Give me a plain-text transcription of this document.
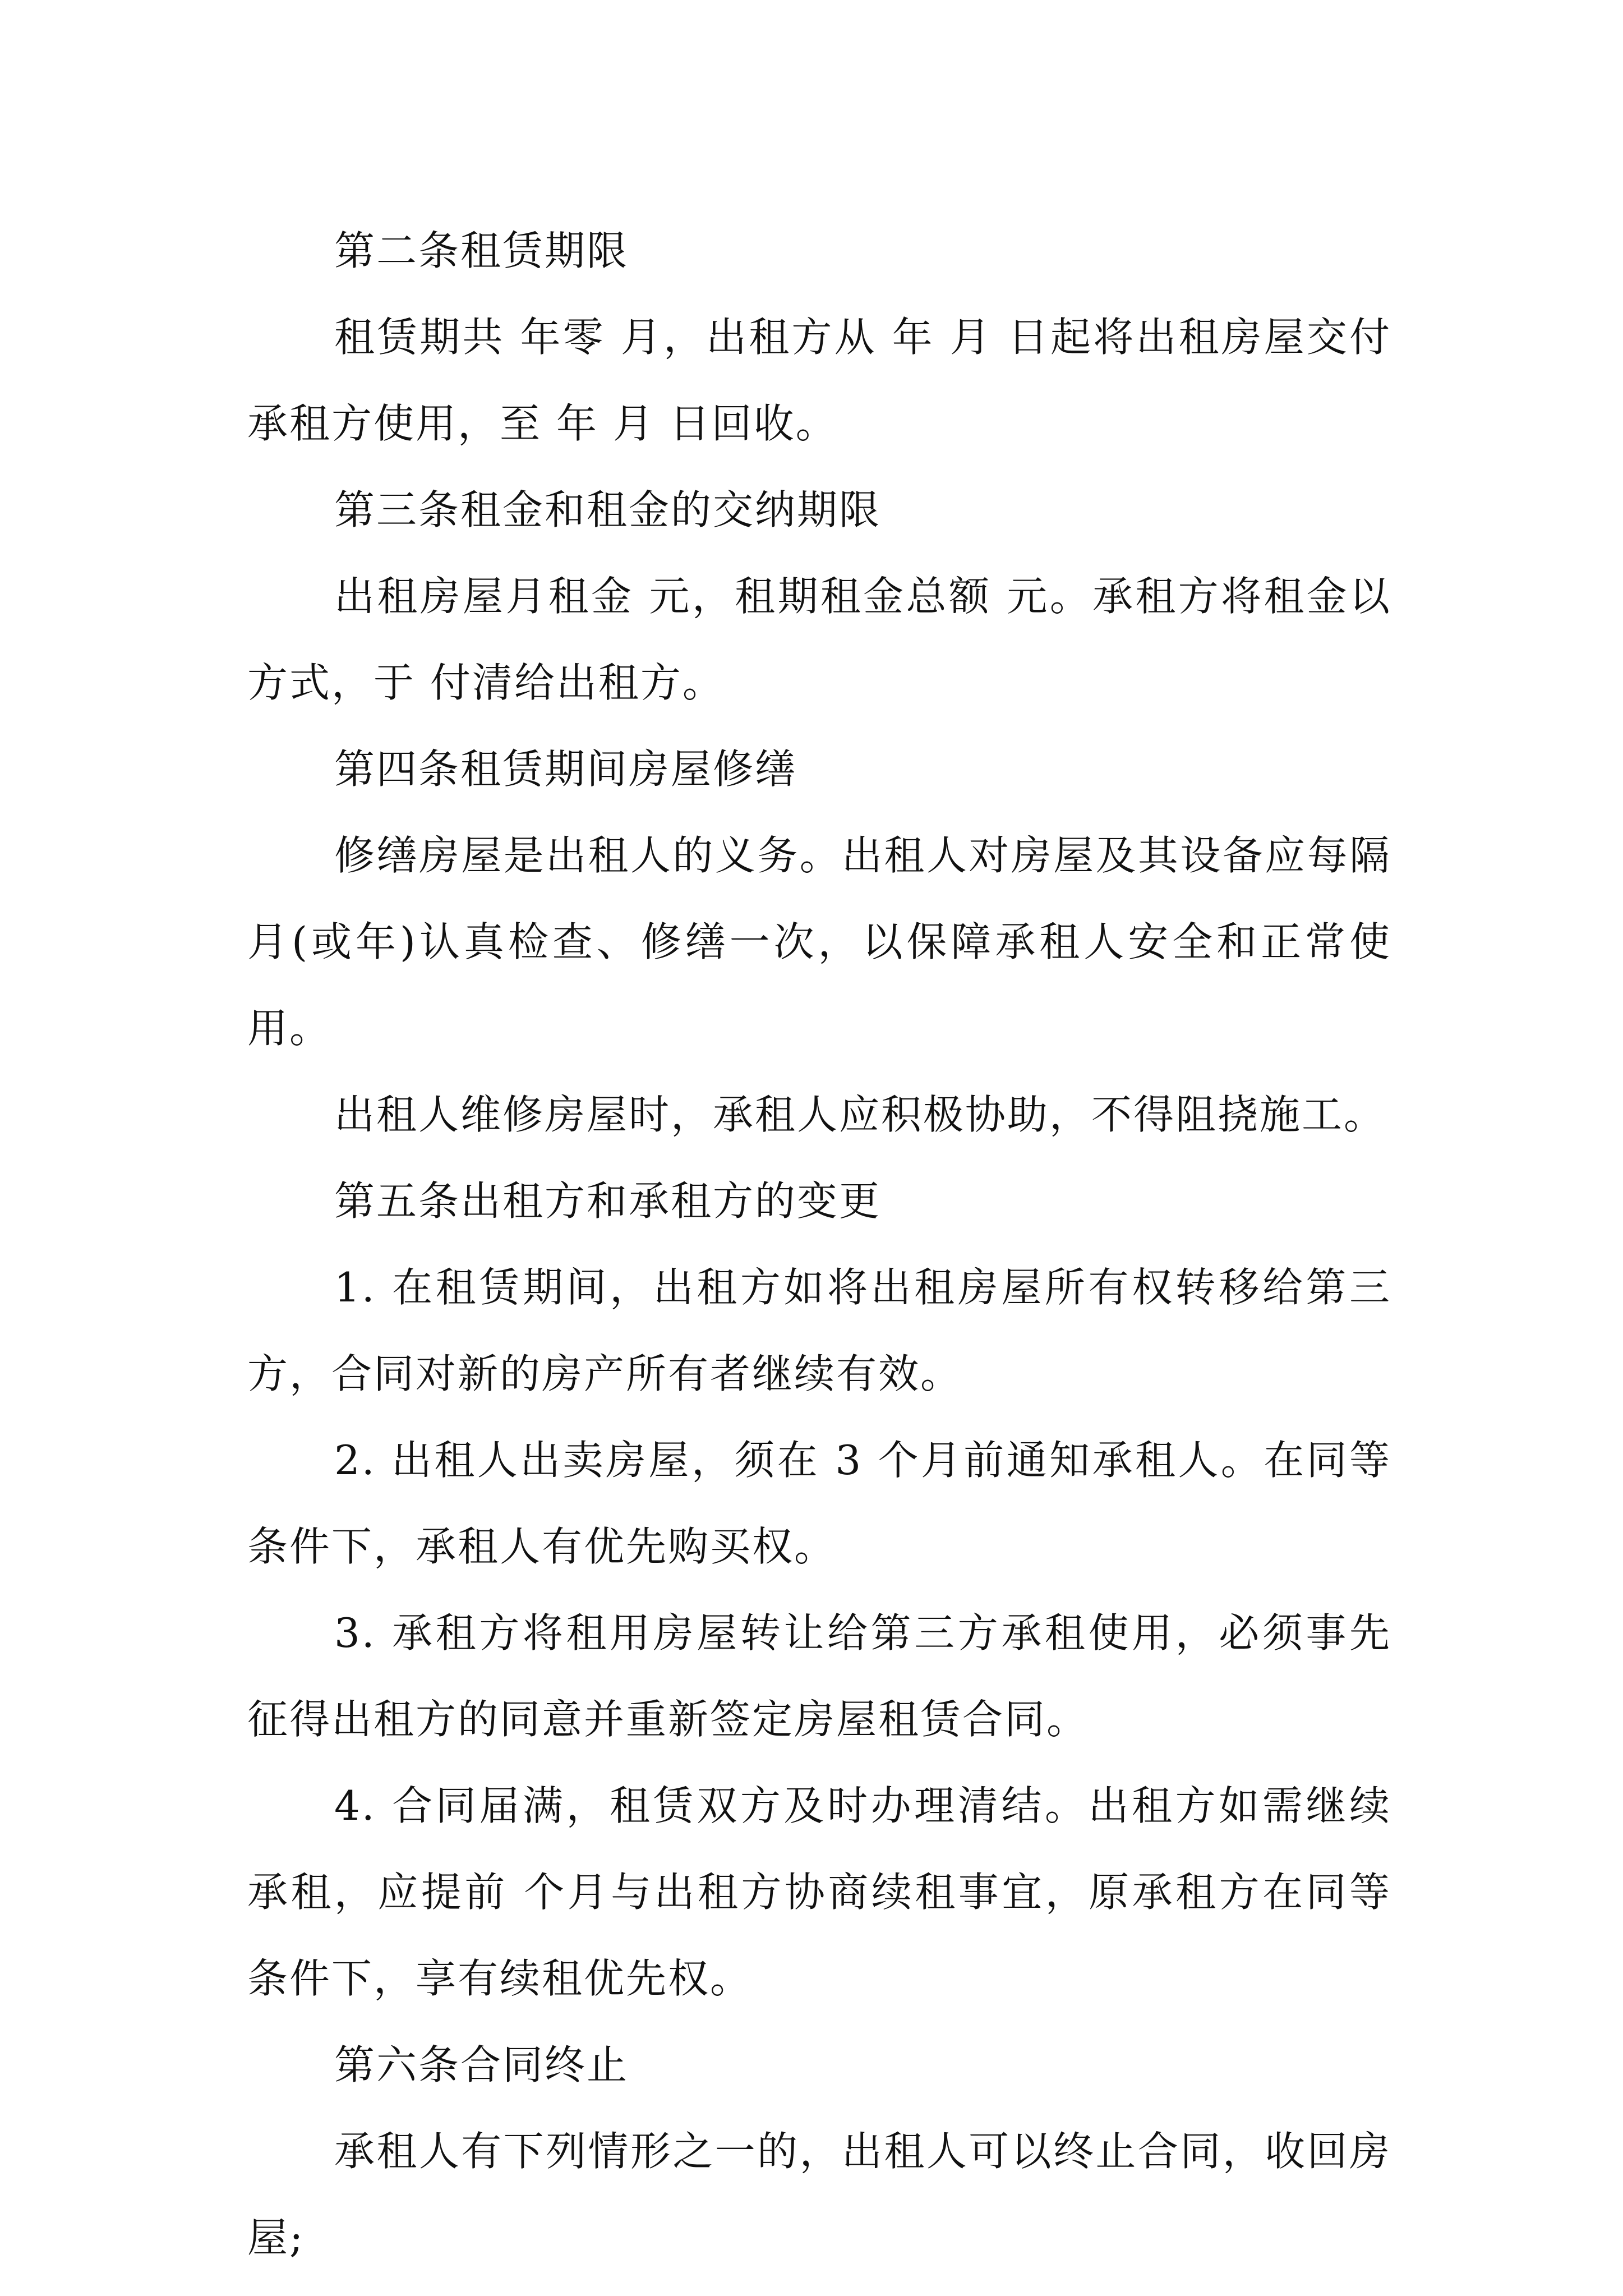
第二条租赁期限

租赁期共 年零 月，出租方从 年 月 日起将出租房屋交付承租方使用，至 年 月 日回收。

第三条租金和租金的交纳期限

出租房屋月租金 元，租期租金总额 元。承租方将租金以 方式，于 付清给出租方。

第四条租赁期间房屋修缮

修缮房屋是出租人的义务。出租人对房屋及其设备应每隔 月(或年)认真检查、修缮一次，以保障承租人安全和正常使用。

出租人维修房屋时，承租人应积极协助，不得阻挠施工。

第五条出租方和承租方的变更

1. 在租赁期间，出租方如将出租房屋所有权转移给第三方，合同对新的房产所有者继续有效。

2. 出租人出卖房屋，须在 3 个月前通知承租人。在同等条件下，承租人有优先购买权。

3. 承租方将租用房屋转让给第三方承租使用，必须事先征得出租方的同意并重新签定房屋租赁合同。

4. 合同届满，租赁双方及时办理清结。出租方如需继续承租，应提前 个月与出租方协商续租事宜，原承租方在同等条件下，享有续租优先权。

第六条合同终止

承租人有下列情形之一的，出租人可以终止合同，收回房屋;
